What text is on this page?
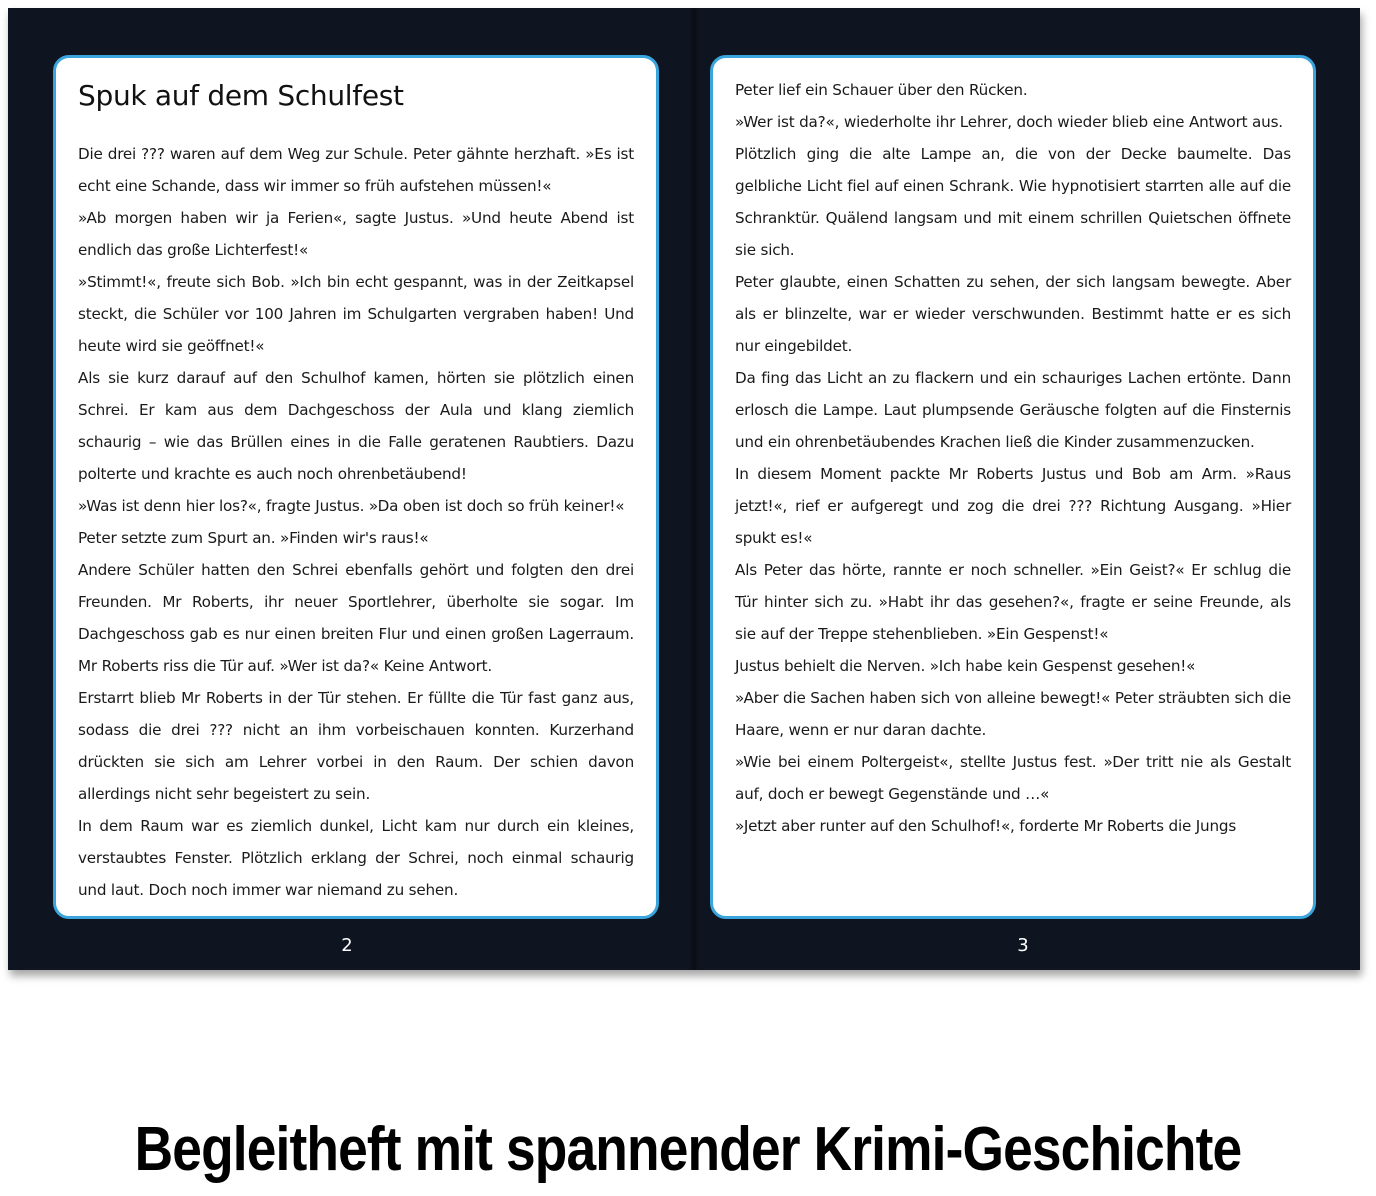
Spuk auf dem Schulfest

Die drei ??? waren auf dem Weg zur Schule. Peter gähnte herzhaft. »Es ist echt eine Schande, dass wir immer so früh aufstehen müssen!«

»Ab morgen haben wir ja Ferien«, sagte Justus. »Und heute Abend ist endlich das große Lichterfest!«

»Stimmt!«, freute sich Bob. »Ich bin echt gespannt, was in der Zeitkapsel steckt, die Schüler vor 100 Jahren im Schulgarten vergraben haben! Und heute wird sie geöffnet!«

Als sie kurz darauf auf den Schulhof kamen, hörten sie plötzlich einen Schrei. Er kam aus dem Dachgeschoss der Aula und klang ziemlich schaurig – wie das Brüllen eines in die Falle geratenen Raubtiers. Dazu polterte und krachte es auch noch ohrenbetäubend!

»Was ist denn hier los?«, fragte Justus. »Da oben ist doch so früh keiner!«

Peter setzte zum Spurt an. »Finden wir's raus!«

Andere Schüler hatten den Schrei ebenfalls gehört und folgten den drei Freunden. Mr Roberts, ihr neuer Sportlehrer, überholte sie sogar. Im Dachgeschoss gab es nur einen breiten Flur und einen großen Lagerraum. Mr Roberts riss die Tür auf. »Wer ist da?« Keine Antwort.

Erstarrt blieb Mr Roberts in der Tür stehen. Er füllte die Tür fast ganz aus, sodass die drei ??? nicht an ihm vorbeischauen konnten. Kurzerhand drückten sie sich am Lehrer vorbei in den Raum. Der schien davon allerdings nicht sehr begeistert zu sein.

In dem Raum war es ziemlich dunkel, Licht kam nur durch ein kleines, verstaubtes Fenster. Plötzlich erklang der Schrei, noch einmal schaurig und laut. Doch noch immer war niemand zu sehen.

Peter lief ein Schauer über den Rücken.

»Wer ist da?«, wiederholte ihr Lehrer, doch wieder blieb eine Antwort aus.

Plötzlich ging die alte Lampe an, die von der Decke baumelte. Das gelbliche Licht fiel auf einen Schrank. Wie hypnotisiert starrten alle auf die Schranktür. Quälend langsam und mit einem schrillen Quietschen öffnete sie sich.

Peter glaubte, einen Schatten zu sehen, der sich langsam bewegte. Aber als er blinzelte, war er wieder verschwunden. Bestimmt hatte er es sich nur eingebildet.

Da fing das Licht an zu flackern und ein schauriges Lachen ertönte. Dann erlosch die Lampe. Laut plumpsende Geräusche folgten auf die Finsternis und ein ohrenbetäubendes Krachen ließ die Kinder zusammenzucken.

In diesem Moment packte Mr Roberts Justus und Bob am Arm. »Raus jetzt!«, rief er aufgeregt und zog die drei ??? Richtung Ausgang. »Hier spukt es!«

Als Peter das hörte, rannte er noch schneller. »Ein Geist?« Er schlug die Tür hinter sich zu. »Habt ihr das gesehen?«, fragte er seine Freunde, als sie auf der Treppe stehenblieben. »Ein Gespenst!«

Justus behielt die Nerven. »Ich habe kein Gespenst gesehen!«

»Aber die Sachen haben sich von alleine bewegt!« Peter sträubten sich die Haare, wenn er nur daran dachte.

»Wie bei einem Poltergeist«, stellte Justus fest. »Der tritt nie als Gestalt auf, doch er bewegt Gegenstände und …«

»Jetzt aber runter auf den Schulhof!«, forderte Mr Roberts die Jungs

2	3
Begleitheft mit spannender Krimi-Geschichte
